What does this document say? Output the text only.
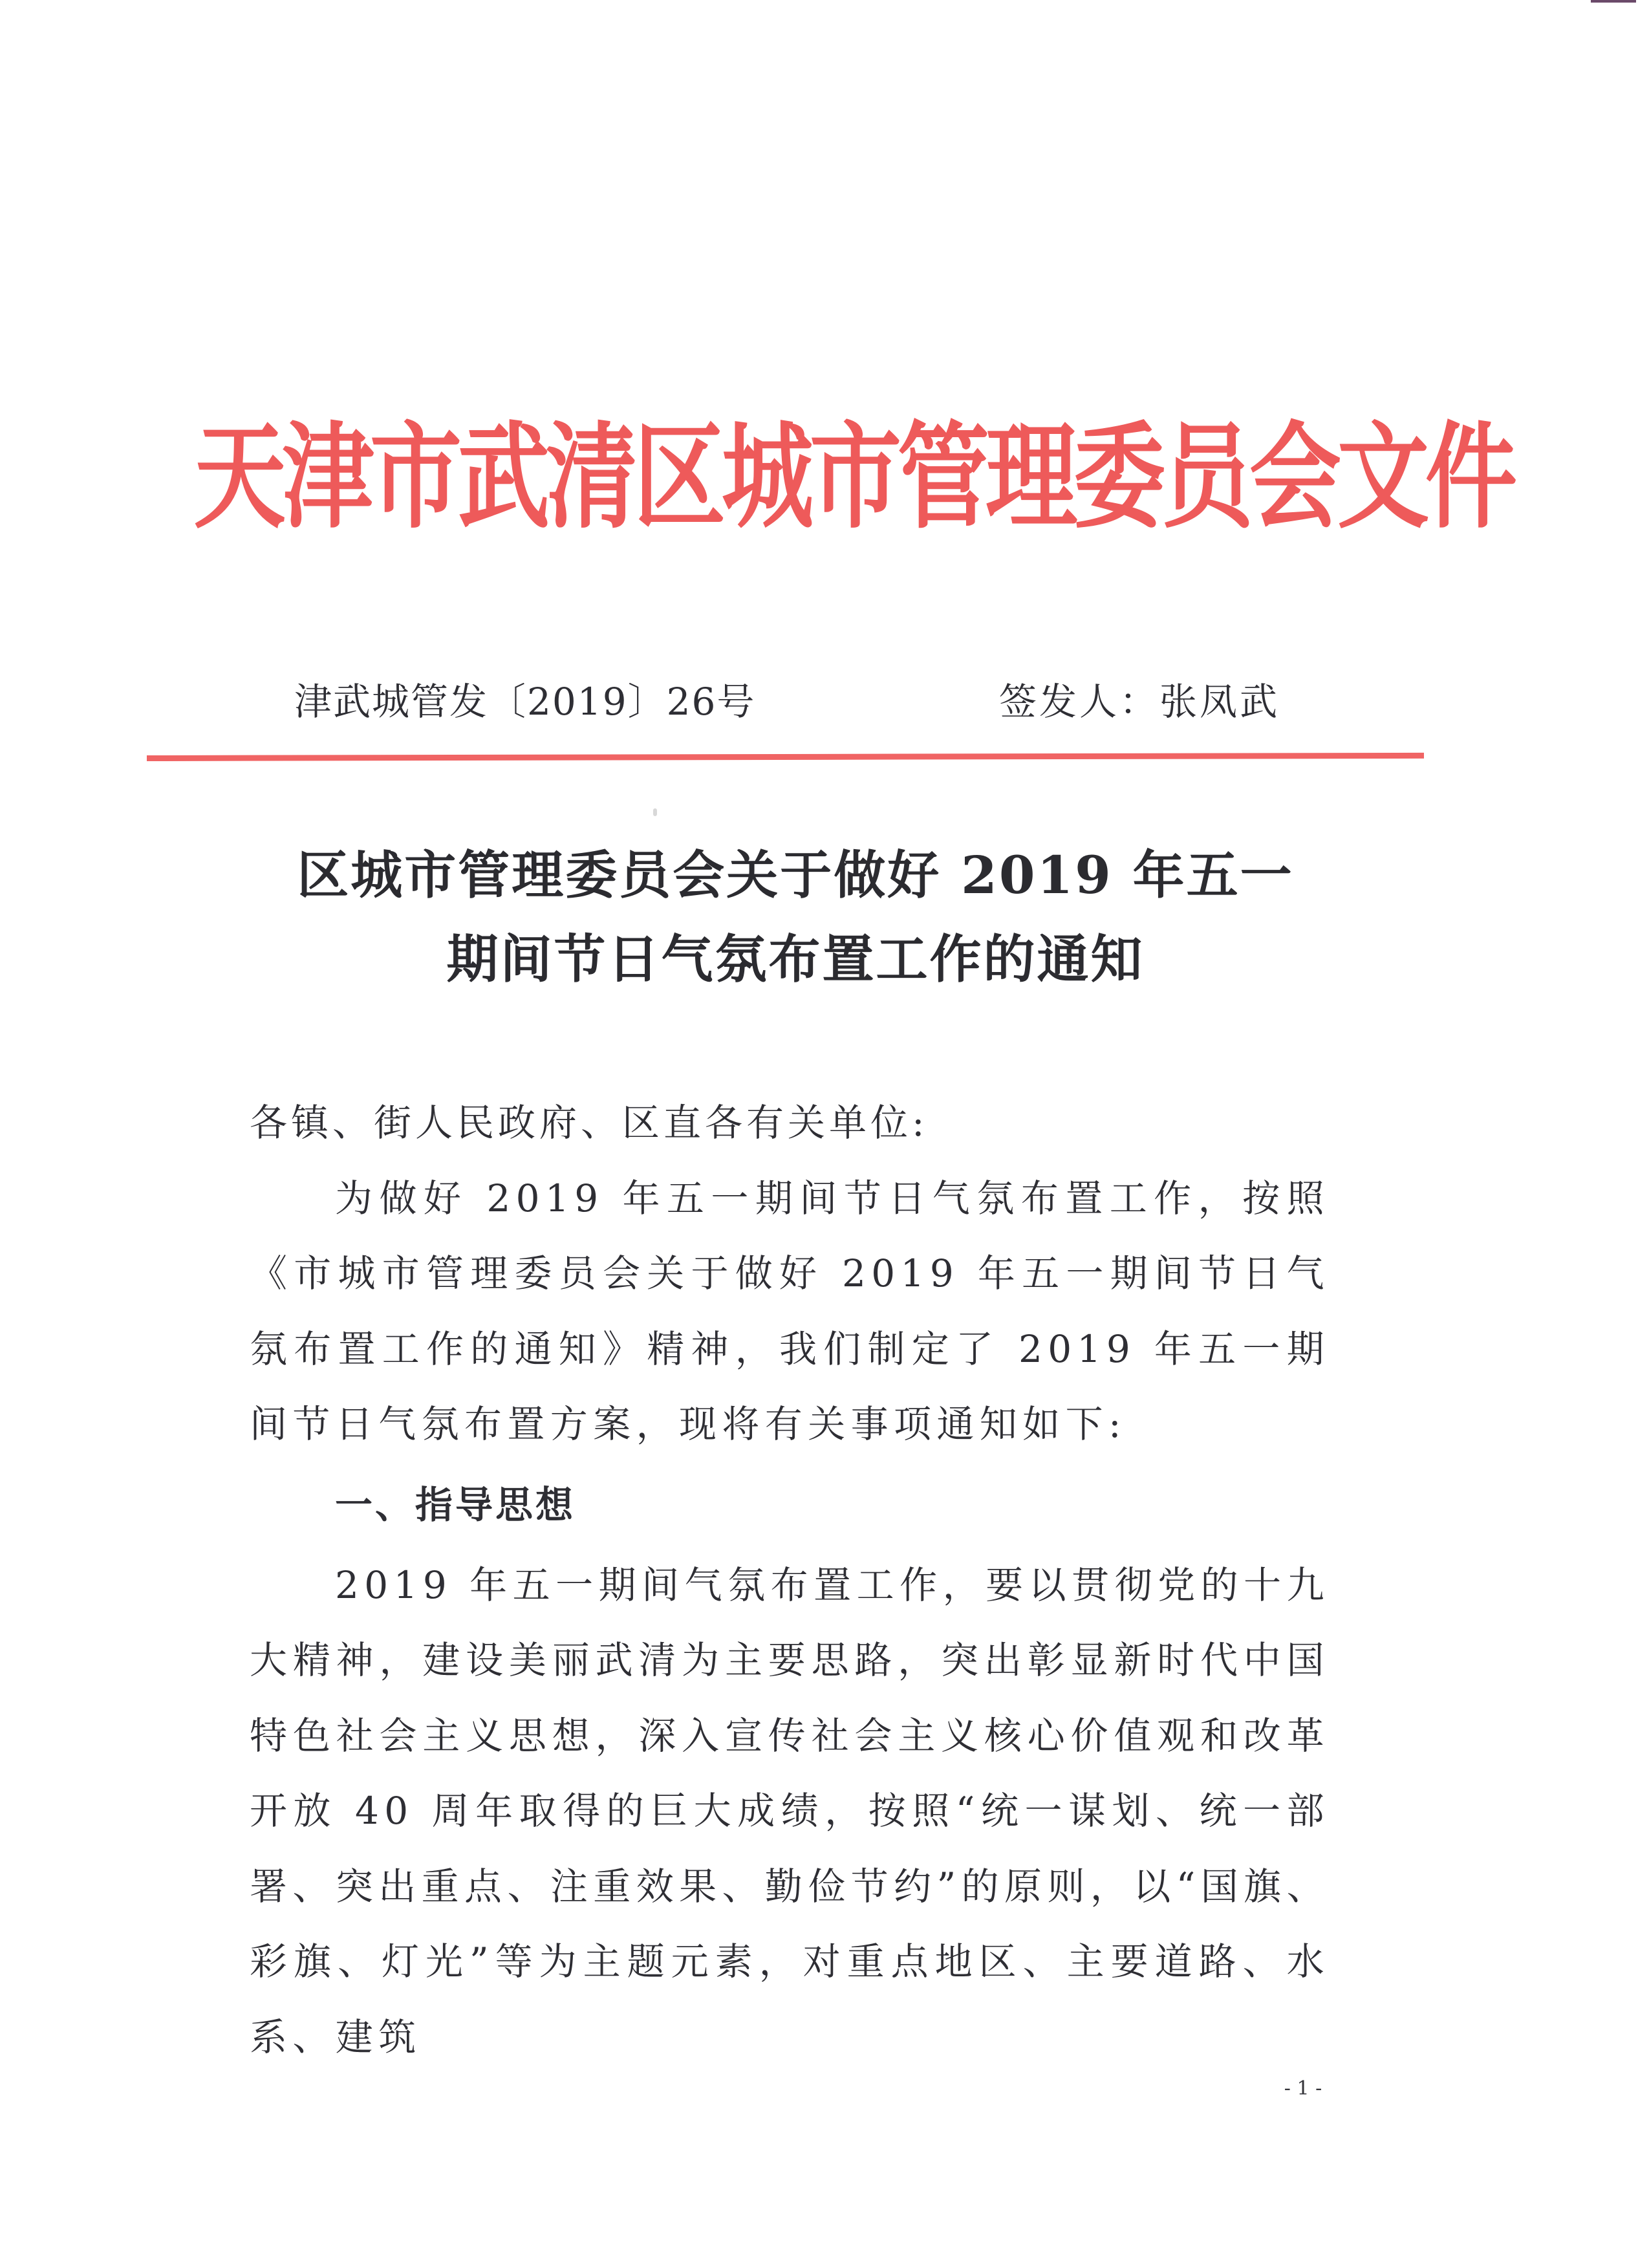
天津市武清区城市管理委员会文件
津武城管发〔2019〕26号	签发人：张凤武
区城市管理委员会关于做好 2019 年五一
期间节日气氛布置工作的通知

各镇、街人民政府、区直各有关单位:

为做好 2019 年五一期间节日气氛布置工作，按照《市城市管理委员会关于做好 2019 年五一期间节日气氛布置工作的通知》精神，我们制定了 2019 年五一期间节日气氛布置方案，现将有关事项通知如下:

一、指导思想

2019 年五一期间气氛布置工作，要以贯彻党的十九大精神，建设美丽武清为主要思路，突出彰显新时代中国特色社会主义思想，深入宣传社会主义核心价值观和改革开放 40 周年取得的巨大成绩，按照“统一谋划、统一部署、突出重点、注重效果、勤俭节约”的原则，以“国旗、彩旗、灯光”等为主题元素，对重点地区、主要道路、水系、建筑

- 1 -
